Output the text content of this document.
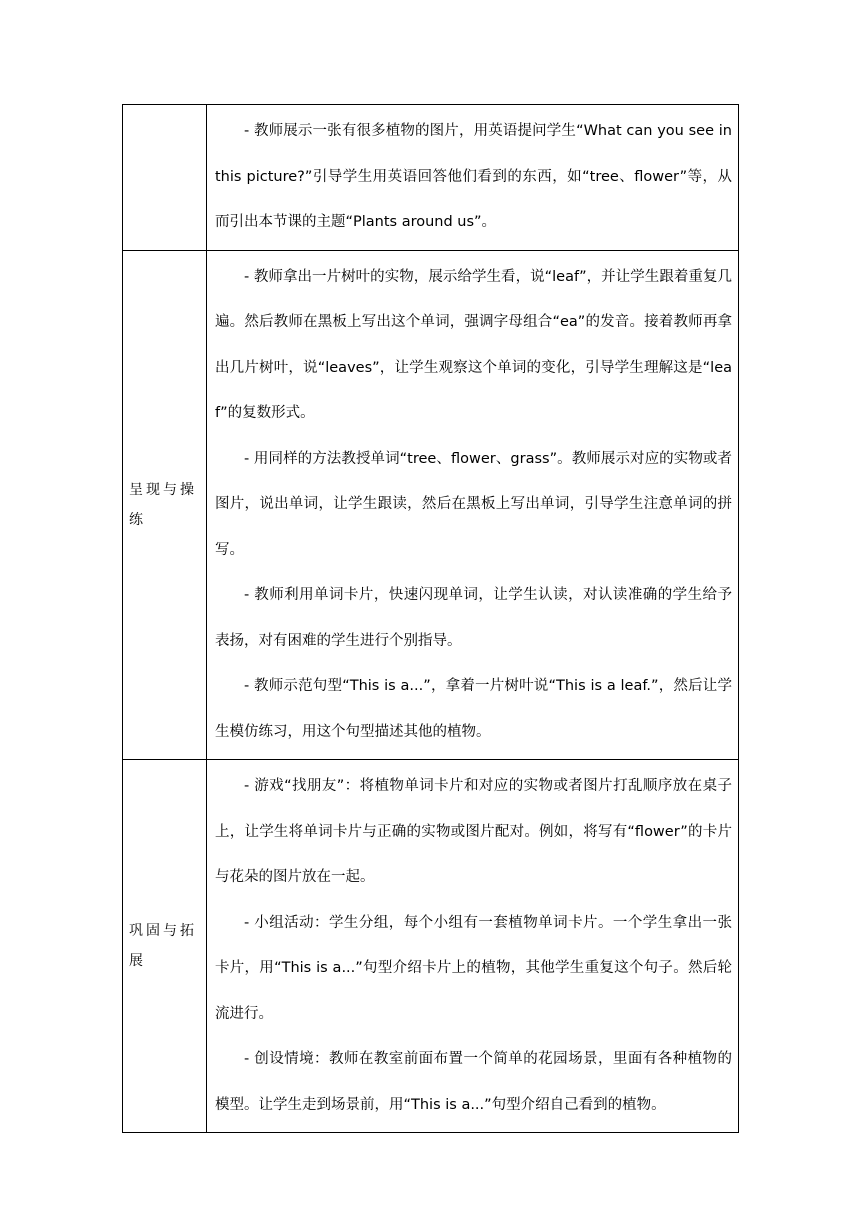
	- 教师展示一张有很多植物的图片，用英语提问学生“What can you see in this picture?”引导学生用英语回答他们看到的东西，如“tree、flower”等，从而引出本节课的主题“Plants around us”。

呈现与操练	- 教师拿出一片树叶的实物，展示给学生看，说“leaf”，并让学生跟着重复几遍。然后教师在黑板上写出这个单词，强调字母组合“ea”的发音。接着教师再拿出几片树叶，说“leaves”，让学生观察这个单词的变化，引导学生理解这是“leaf”的复数形式。

- 用同样的方法教授单词“tree、flower、grass”。教师展示对应的实物或者图片，说出单词，让学生跟读，然后在黑板上写出单词，引导学生注意单词的拼写。

- 教师利用单词卡片，快速闪现单词，让学生认读，对认读准确的学生给予表扬，对有困难的学生进行个别指导。

- 教师示范句型“This is a...”，拿着一片树叶说“This is a leaf.”，然后让学生模仿练习，用这个句型描述其他的植物。

巩固与拓展	- 游戏“找朋友”：将植物单词卡片和对应的实物或者图片打乱顺序放在桌子上，让学生将单词卡片与正确的实物或图片配对。例如，将写有“flower”的卡片与花朵的图片放在一起。

- 小组活动：学生分组，每个小组有一套植物单词卡片。一个学生拿出一张卡片，用“This is a...”句型介绍卡片上的植物，其他学生重复这个句子。然后轮流进行。

- 创设情境：教师在教室前面布置一个简单的花园场景，里面有各种植物的模型。让学生走到场景前，用“This is a...”句型介绍自己看到的植物。
